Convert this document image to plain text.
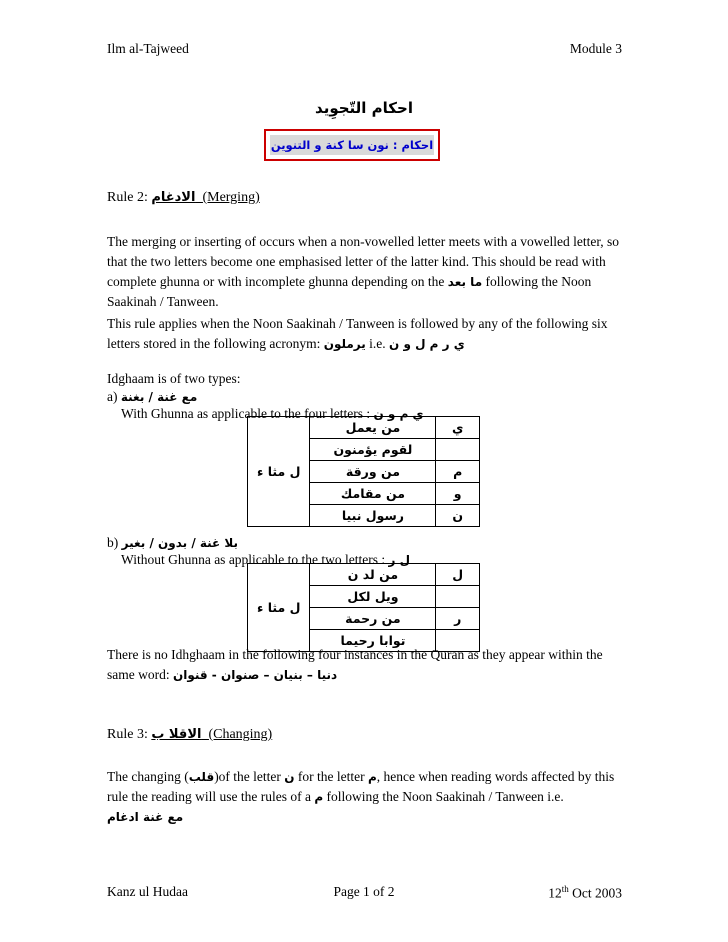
Ilm al-Tajweed	Module 3
احكام التّجوِيد
احكام : نون سا كنة و التنوين
Rule 2: الادغام (Merging)
The merging or inserting of occurs when a non-vowelled letter meets with a vowelled letter, so that the two letters become one emphasised letter of the latter kind. This should be read with complete ghunna or with incomplete ghunna depending on the ما بعد following the Noon Saakinah / Tanween.
This rule applies when the Noon Saakinah / Tanween is followed by any of the following six letters stored in the following acronym: يرملون i.e. ي ر م ل و ن
Idghaam is of two types:
a) مع غنة / بغنة
With Ghunna as applicable to the four letters : ي م و ن
ل مثا ء	من يعمل	ي
	لقوم يؤمنون	
	من ورقة	م
	من مقامك	و
	رسول نبيا	ن
b) بلا غنة / بدون / بغير
Without Ghunna as applicable to the two letters : ل ر
ل مثا ء	من لد ن	ل
	ويل لكل	
	من رحمة	ر
	توابا رحيما	
There is no Idhghaam in the following four instances in the Quran as they appear within the same word: دنيا – بنيان – صنوان - قنوان
Rule 3: الاقلا ب (Changing)
The changing (قلب)of the letter ن for the letter م, hence when reading words affected by this rule the reading will use the rules of a م following the Noon Saakinah / Tanween i.e.
مع غنة ادغام
Kanz ul Hudaa	Page 1 of 2	12th Oct 2003
